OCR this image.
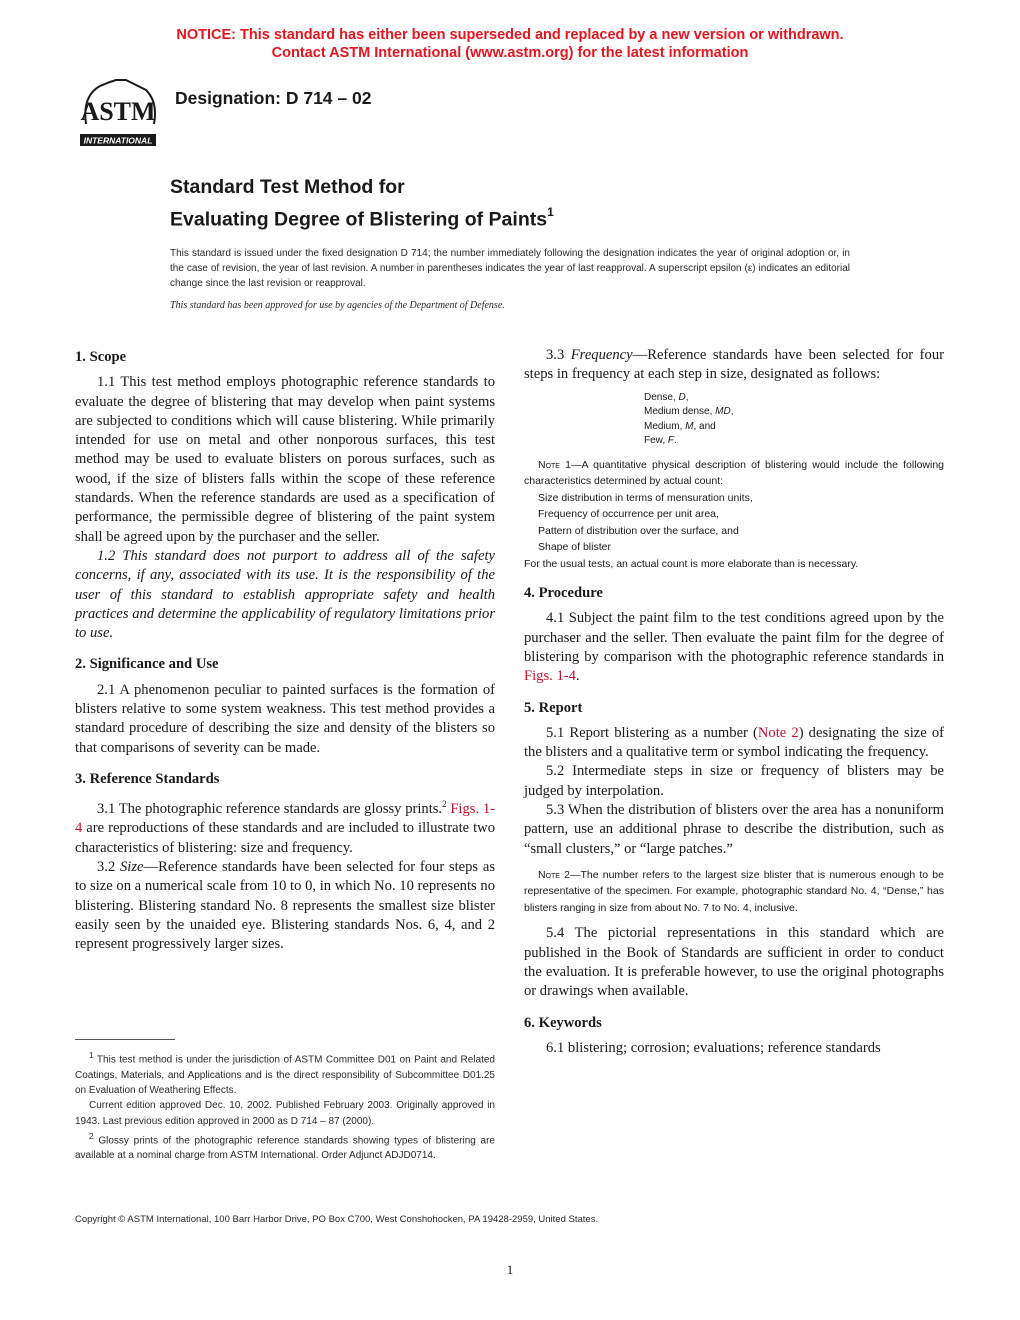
NOTICE: This standard has either been superseded and replaced by a new version or withdrawn.
Contact ASTM International (www.astm.org) for the latest information
ASTM
INTERNATIONAL
Designation: D 714 – 02
Standard Test Method for
Evaluating Degree of Blistering of Paints$^1$
This standard is issued under the fixed designation D 714; the number immediately following the designation indicates the year of original adoption or, in the case of revision, the year of last revision. A number in parentheses indicates the year of last reapproval. A superscript epsilon (ε) indicates an editorial change since the last revision or reapproval.
This standard has been approved for use by agencies of the Department of Defense.
1. Scope

1.1 This test method employs photographic reference standards to evaluate the degree of blistering that may develop when paint systems are subjected to conditions which will cause blistering. While primarily intended for use on metal and other nonporous surfaces, this test method may be used to evaluate blisters on porous surfaces, such as wood, if the size of blisters falls within the scope of these reference standards. When the reference standards are used as a specification of performance, the permissible degree of blistering of the paint system shall be agreed upon by the purchaser and the seller.

1.2 This standard does not purport to address all of the safety concerns, if any, associated with its use. It is the responsibility of the user of this standard to establish appropriate safety and health practices and determine the applicability of regulatory limitations prior to use.

2. Significance and Use

2.1 A phenomenon peculiar to painted surfaces is the formation of blisters relative to some system weakness. This test method provides a standard procedure of describing the size and density of the blisters so that comparisons of severity can be made.

3. Reference Standards

3.1 The photographic reference standards are glossy prints.$^2$ Figs. 1-4 are reproductions of these standards and are included to illustrate two characteristics of blistering: size and frequency.

3.2 Size—Reference standards have been selected for four steps as to size on a numerical scale from 10 to 0, in which No. 10 represents no blistering. Blistering standard No. 8 represents the smallest size blister easily seen by the unaided eye. Blistering standards Nos. 6, 4, and 2 represent progressively larger sizes.

$^1$ This test method is under the jurisdiction of ASTM Committee D01 on Paint and Related Coatings, Materials, and Applications and is the direct responsibility of Subcommittee D01.25 on Evaluation of Weathering Effects.

Current edition approved Dec. 10, 2002. Published February 2003. Originally approved in 1943. Last previous edition approved in 2000 as D 714 – 87 (2000).

$^2$ Glossy prints of the photographic reference standards showing types of blistering are available at a nominal charge from ASTM International. Order Adjunct ADJD0714.

3.3 Frequency—Reference standards have been selected for four steps in frequency at each step in size, designated as follows:

Dense, D,
Medium dense, MD,
Medium, M, and
Few, F.
Note 1—A quantitative physical description of blistering would include the following characteristics determined by actual count:
Size distribution in terms of mensuration units,
Frequency of occurrence per unit area,
Pattern of distribution over the surface, and
Shape of blister
For the usual tests, an actual count is more elaborate than is necessary.
4. Procedure

4.1 Subject the paint film to the test conditions agreed upon by the purchaser and the seller. Then evaluate the paint film for the degree of blistering by comparison with the photographic reference standards in Figs. 1-4.

5. Report

5.1 Report blistering as a number (Note 2) designating the size of the blisters and a qualitative term or symbol indicating the frequency.

5.2 Intermediate steps in size or frequency of blisters may be judged by interpolation.

5.3 When the distribution of blisters over the area has a nonuniform pattern, use an additional phrase to describe the distribution, such as “small clusters,” or “large patches.”

Note 2—The number refers to the largest size blister that is numerous enough to be representative of the specimen. For example, photographic standard No. 4, “Dense,” has blisters ranging in size from about No. 7 to No. 4, inclusive.

5.4 The pictorial representations in this standard which are published in the Book of Standards are sufficient in order to conduct the evaluation. It is preferable however, to use the original photographs or drawings when available.

6. Keywords

6.1 blistering; corrosion; evaluations; reference standards

Copyright © ASTM International, 100 Barr Harbor Drive, PO Box C700, West Conshohocken, PA 19428-2959, United States.
1
